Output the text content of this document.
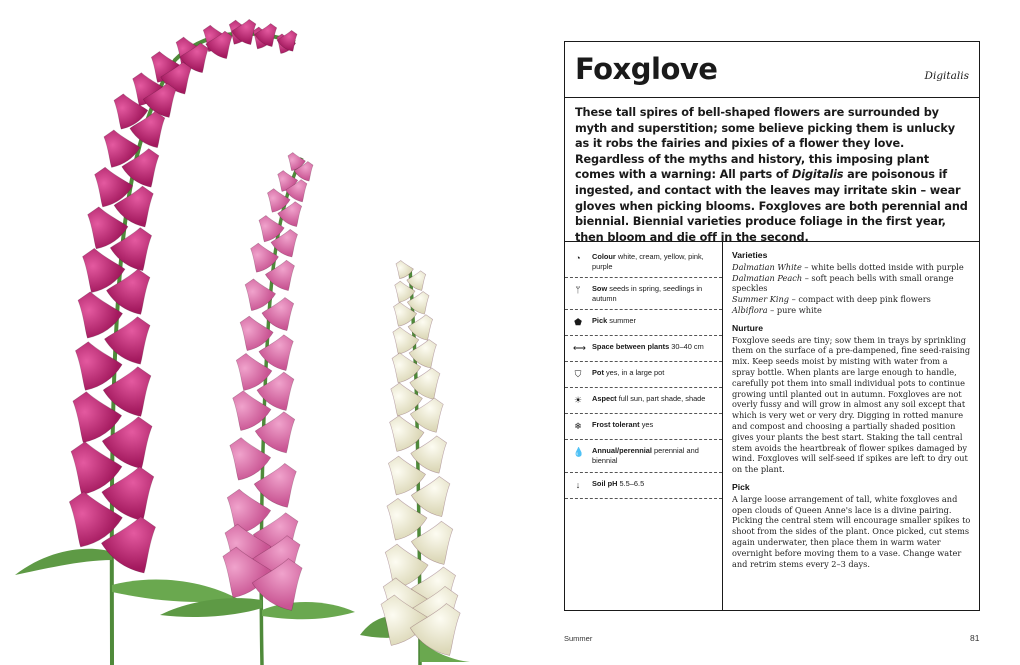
Foxglove	Digitalis

These tall spires of bell-shaped flowers are surrounded by myth and superstition; some believe picking them is unlucky as it robs the fairies and pixies of a flower they love. Regardless of the myths and history, this imposing plant comes with a warning: All parts of Digitalis are poisonous if ingested, and contact with the leaves may irritate skin – wear gloves when picking blooms. Foxgloves are both perennial and biennial. Biennial varieties produce foliage in the first year, then bloom and die off in the second.

◔	Colour white, cream, yellow, pink, purple
ᛘ	Sow seeds in spring, seedlings in autumn
⬟ Pick summer
⟷ Space between plants 30–40 cm
⛉ Pot yes, in a large pot
☀ Aspect full sun, part shade, shade
❄ Frost tolerant yes
💧 Annual/perennial perennial and biennial
↓	Soil pH 5.5–6.5
Varieties
Dalmatian White – white bells dotted inside with purple
Dalmatian Peach – soft peach bells with small orange speckles
Summer King – compact with deep pink flowers
Albiflora – pure white
Nurture

Foxglove seeds are tiny; sow them in trays by sprinkling them on the surface of a pre-dampened, fine seed-raising mix. Keep seeds moist by misting with water from a spray bottle. When plants are large enough to handle, carefully pot them into small individual pots to continue growing until planted out in autumn. Foxgloves are not overly fussy and will grow in almost any soil except that which is very wet or very dry. Digging in rotted manure and compost and choosing a partially shaded position gives your plants the best start. Staking the tall central stem avoids the heartbreak of flower spikes damaged by wind. Foxgloves will self-seed if spikes are left to dry out on the plant.

Pick

A large loose arrangement of tall, white foxgloves and open clouds of Queen Anne's lace is a divine pairing. Picking the central stem will encourage smaller spikes to shoot from the sides of the plant. Once picked, cut stems again underwater, then place them in warm water overnight before moving them to a vase. Change water and retrim stems every 2–3 days.

Summer	81
